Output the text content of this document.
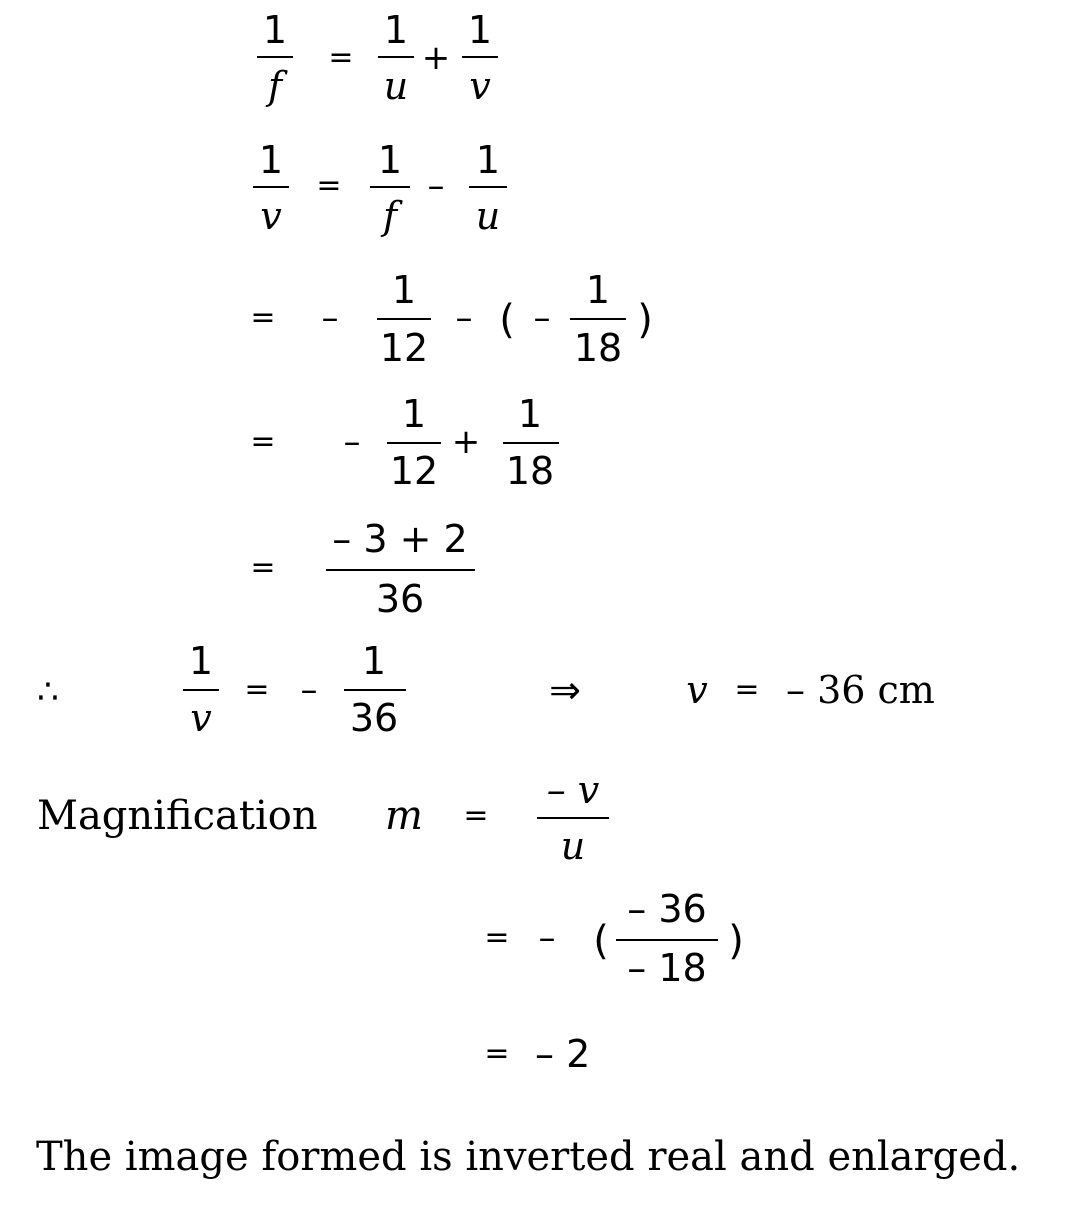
1
f
=
1
u
+
1
v
1
v
=
1
f
–
1
u
= –
1
12
– ( –
1
18
)
= –
1
12
+
1
18
=
– 3 + 2
36
∴
1
v
= –
1
36
⇒	v = – 36 cm
Magnification m =
– v
u
= – (
– 36
– 18
)
= – 2
The image formed is inverted real and enlarged.
